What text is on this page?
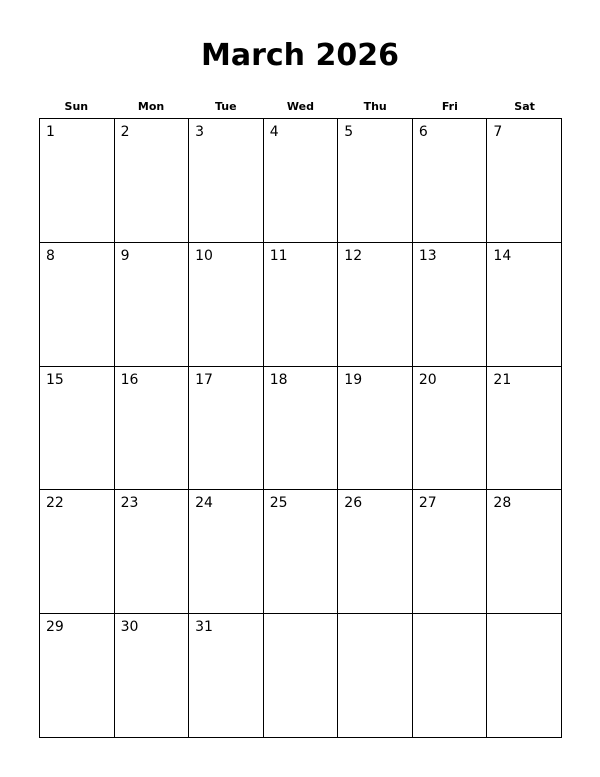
March 2026
Sun	Mon	Tue	Wed	Thu	Fri	Sat
1	2	3	4	5	6	7
8	9	10	11	12	13	14
15	16	17	18	19	20	21
22	23	24	25	26	27	28
29	30	31
